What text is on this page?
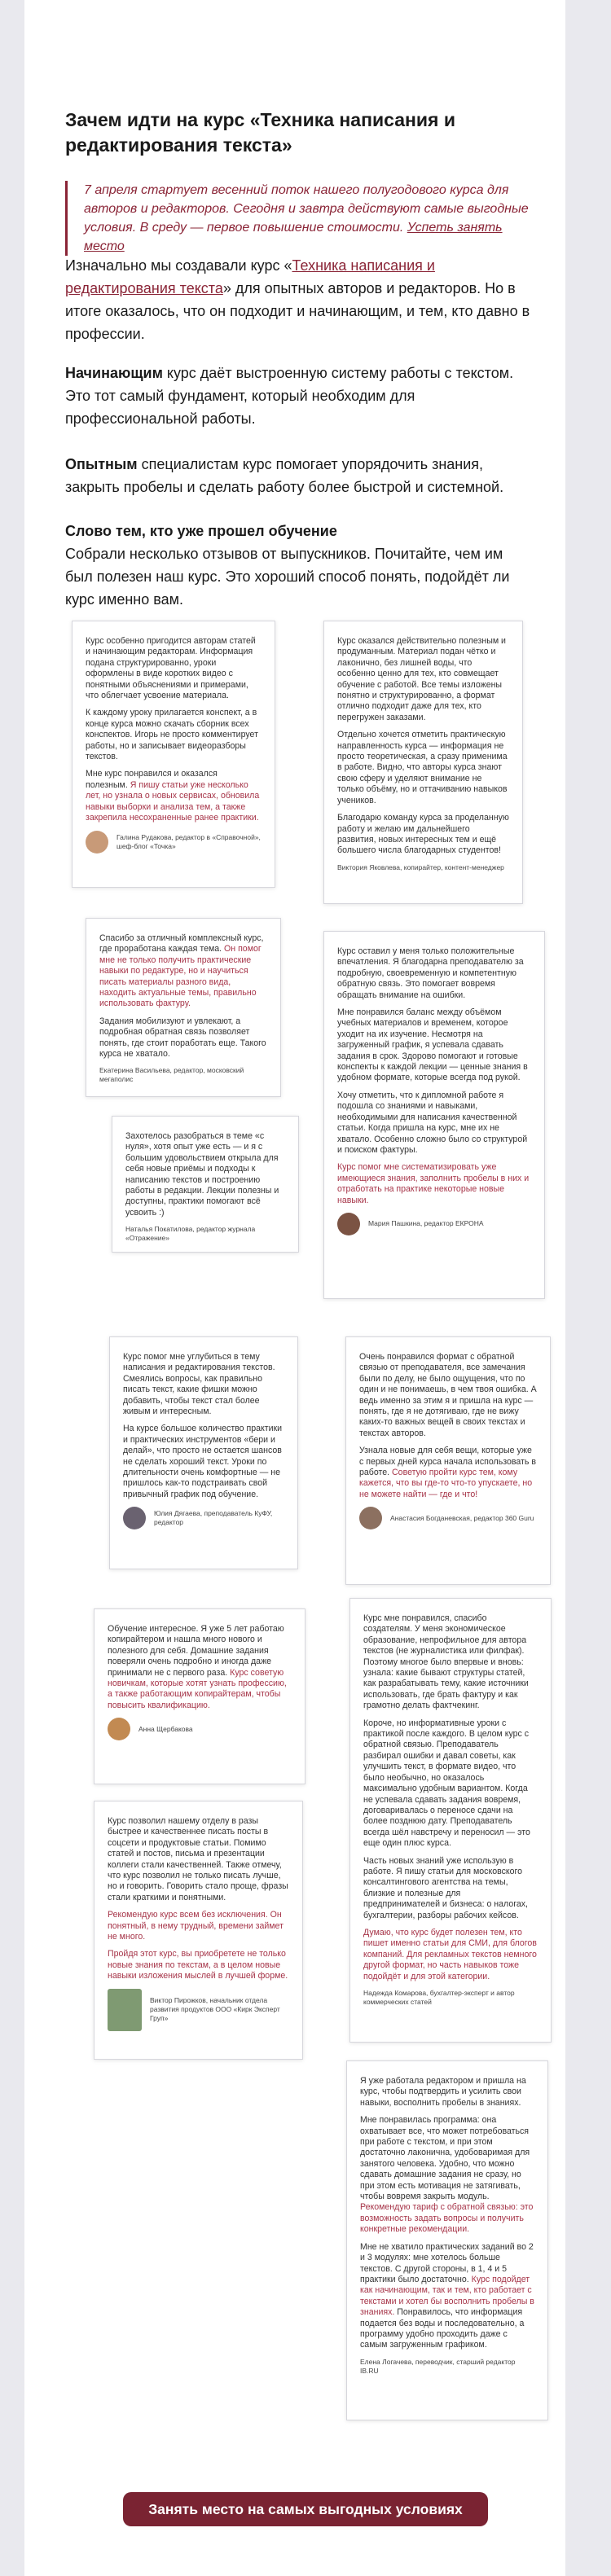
Зачем идти на курс «Техника написания и редактирования текста»
7 апреля стартует весенний поток нашего полугодового курса для авторов и редакторов. Сегодня и завтра действуют самые выгодные условия. В среду — первое повышение стоимости. Успеть занять место
Изначально мы создавали курс «Техника написания и редактирования текста» для опытных авторов и редакторов. Но в итоге оказалось, что он подходит и начинающим, и тем, кто давно в профессии.
Начинающим курс даёт выстроенную систему работы с текстом. Это тот самый фундамент, который необходим для профессиональной работы.
Опытным специалистам курс помогает упорядочить знания, закрыть пробелы и сделать работу более быстрой и системной.
Слово тем, кто уже прошел обучение
Собрали несколько отзывов от выпускников. Почитайте, чем им был полезен наш курс. Это хороший способ понять, подойдёт ли курс именно вам.

Курс особенно пригодится авторам статей и начинающим редакторам. Информация подана структурированно, уроки оформлены в виде коротких видео с понятными объяснениями и примерами, что облегчает усвоение материала.

К каждому уроку прилагается конспект, а в конце курса можно скачать сборник всех конспектов. Игорь не просто комментирует работы, но и записывает видеоразборы текстов.

Мне курс понравился и оказался полезным. Я пишу статьи уже несколько лет, но узнала о новых сервисах, обновила навыки выборки и анализа тем, а также закрепила несохраненные ранее практики.

Галина Рудакова, редактор в «Справочной», шеф-блог «Точка»

Курс оказался действительно полезным и продуманным. Материал подан чётко и лаконично, без лишней воды, что особенно ценно для тех, кто совмещает обучение с работой. Все темы изложены понятно и структурированно, а формат отлично подходит даже для тех, кто перегружен заказами.

Отдельно хочется отметить практическую направленность курса — информация не просто теоретическая, а сразу применима в работе. Видно, что авторы курса знают свою сферу и уделяют внимание не только объёму, но и оттачиванию навыков учеников.

Благодарю команду курса за проделанную работу и желаю им дальнейшего развития, новых интересных тем и ещё большего числа благодарных студентов!

Виктория Яковлева, копирайтер, контент-менеджер

Спасибо за отличный комплексный курс, где проработана каждая тема. Он помог мне не только получить практические навыки по редактуре, но и научиться писать материалы разного вида, находить актуальные темы, правильно использовать фактуру.

Задания мобилизуют и увлекают, а подробная обратная связь позволяет понять, где стоит поработать еще. Такого курса не хватало.

Екатерина Васильева, редактор, московский мегаполис

Курс оставил у меня только положительные впечатления. Я благодарна преподавателю за подробную, своевременную и компетентную обратную связь. Это помогает вовремя обращать внимание на ошибки.

Мне понравился баланс между объёмом учебных материалов и временем, которое уходит на их изучение. Несмотря на загруженный график, я успевала сдавать задания в срок. Здорово помогают и готовые конспекты к каждой лекции — ценные знания в удобном формате, которые всегда под рукой.

Хочу отметить, что к дипломной работе я подошла со знаниями и навыками, необходимыми для написания качественной статьи. Когда пришла на курс, мне их не хватало. Особенно сложно было со структурой и поиском фактуры.

Курс помог мне систематизировать уже имеющиеся знания, заполнить пробелы в них и отработать на практике некоторые новые навыки.

Мария Пашкина, редактор ЕКРОНА

Захотелось разобраться в теме «с нуля», хотя опыт уже есть — и я с большим удовольствием открыла для себя новые приёмы и подходы к написанию текстов и построению работы в редакции. Лекции полезны и доступны, практики помогают всё усвоить :)

Наталья Покатилова, редактор журнала «Отражение»

Курс помог мне углубиться в тему написания и редактирования текстов. Смеялись вопросы, как правильно писать текст, какие фишки можно добавить, чтобы текст стал более живым и интересным.

На курсе большое количество практики и практических инструментов «бери и делай», что просто не остается шансов не сделать хороший текст. Уроки по длительности очень комфортные — не пришлось как-то подстраивать свой привычный график под обучение.

Юлия Дягаева, преподаватель КуФУ, редактор

Очень понравился формат с обратной связью от преподавателя, все замечания были по делу, не было ощущения, что по один и не понимаешь, в чем твоя ошибка. А ведь именно за этим я и пришла на курс — понять, где я не дотягиваю, где не вижу каких-то важных вещей в своих текстах и текстах авторов.

Узнала новые для себя вещи, которые уже с первых дней курса начала использовать в работе. Советую пройти курс тем, кому кажется, что вы где-то что-то упускаете, но не можете найти — где и что!

Анастасия Богданевская, редактор 360 Guru

Курс мне понравился, спасибо создателям. У меня экономическое образование, непрофильное для автора текстов (не журналистика или филфак). Поэтому многое было впервые и вновь: узнала: какие бывают структуры статей, как разрабатывать тему, какие источники использовать, где брать фактуру и как грамотно делать фактчекинг.

Короче, но информативные уроки с практикой после каждого. В целом курс с обратной связью. Преподаватель разбирал ошибки и давал советы, как улучшить текст, в формате видео, что было необычно, но оказалось максимально удобным вариантом. Когда не успевала сдавать задания вовремя, договаривалась о переносе сдачи на более позднюю дату. Преподаватель всегда шёл навстречу и переносил — это еще один плюс курса.

Часть новых знаний уже использую в работе. Я пишу статьи для московского консалтингового агентства на темы, близкие и полезные для предпринимателей и бизнеса: о налогах, бухгалтерии, разборы рабочих кейсов.

Думаю, что курс будет полезен тем, кто пишет именно статьи для СМИ, для блогов компаний. Для рекламных текстов немного другой формат, но часть навыков тоже подойдёт и для этой категории.

Надежда Комарова, бухгалтер-эксперт и автор коммерческих статей

Обучение интересное. Я уже 5 лет работаю копирайтером и нашла много нового и полезного для себя. Домашние задания поверяли очень подробно и иногда даже принимали не с первого раза. Курс советую новичкам, которые хотят узнать профессию, а также работающим копирайтерам, чтобы повысить квалификацию.

Анна Щербакова

Я уже работала редактором и пришла на курс, чтобы подтвердить и усилить свои навыки, восполнить пробелы в знаниях.

Мне понравилась программа: она охватывает все, что может потребоваться при работе с текстом, и при этом достаточно лаконична, удобоваримая для занятого человека. Удобно, что можно сдавать домашние задания не сразу, но при этом есть мотивация не затягивать, чтобы вовремя закрыть модуль. Рекомендую тариф с обратной связью: это возможность задать вопросы и получить конкретные рекомендации.

Мне не хватило практических заданий во 2 и 3 модулях: мне хотелось больше текстов. С другой стороны, в 1, 4 и 5 практики было достаточно. Курс подойдет как начинающим, так и тем, кто работает с текстами и хотел бы восполнить пробелы в знаниях. Понравилось, что информация подается без воды и последовательно, а программу удобно проходить даже с самым загруженным графиком.

Елена Логачева, переводчик, старший редактор IB.RU

Курс позволил нашему отделу в разы быстрее и качественнее писать посты в соцсети и продуктовые статьи. Помимо статей и постов, письма и презентации коллеги стали качественней. Также отмечу, что курс позволил не только писать лучше, но и говорить. Говорить стало проще, фразы стали краткими и понятными.

Рекомендую курс всем без исключения. Он понятный, в нему трудный, времени займет не много.

Пройдя этот курс, вы приобретете не только новые знания по текстам, а в целом новые навыки изложения мыслей в лучшей форме.

Виктор Пирожков, начальник отдела развития продуктов ООО «Кирк Эксперт Груп»
Занять место на самых выгодных условиях
